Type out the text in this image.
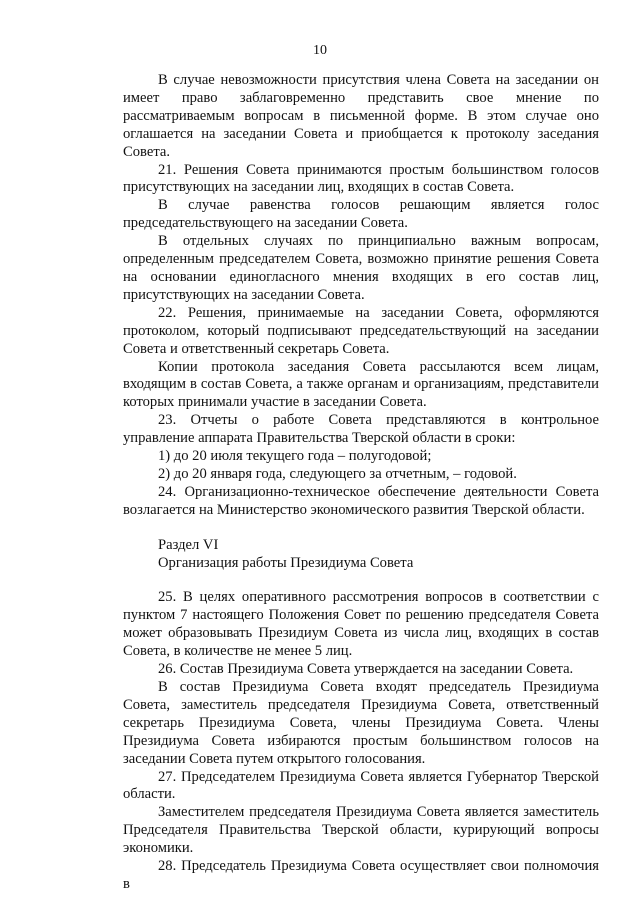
10

В случае невозможности присутствия члена Совета на заседании он имеет право заблаговременно представить свое мнение по рассматриваемым вопросам в письменной форме. В этом случае оно оглашается на заседании Совета и приобщается к протоколу заседания Совета.

21. Решения Совета принимаются простым большинством голосов присутствующих на заседании лиц, входящих в состав Совета.

В случае равенства голосов решающим является голос председательствующего на заседании Совета.

В отдельных случаях по принципиально важным вопросам, определенным председателем Совета, возможно принятие решения Совета на основании единогласного мнения входящих в его состав лиц, присутствующих на заседании Совета.

22. Решения, принимаемые на заседании Совета, оформляются протоколом, который подписывают председательствующий на заседании Совета и ответственный секретарь Совета.

Копии протокола заседания Совета рассылаются всем лицам, входящим в состав Совета, а также органам и организациям, представители которых принимали участие в заседании Совета.

23. Отчеты о работе Совета представляются в контрольное управление аппарата Правительства Тверской области в сроки:

1) до 20 июля текущего года – полугодовой;

2) до 20 января года, следующего за отчетным, – годовой.

24. Организационно-техническое обеспечение деятельности Совета возлагается на Министерство экономического развития Тверской области.

Раздел VI

Организация работы Президиума Совета

25. В целях оперативного рассмотрения вопросов в соответствии с пунктом 7 настоящего Положения Совет по решению председателя Совета может образовывать Президиум Совета из числа лиц, входящих в состав Совета, в количестве не менее 5 лиц.

26. Состав Президиума Совета утверждается на заседании Совета.

В состав Президиума Совета входят председатель Президиума Совета, заместитель председателя Президиума Совета, ответственный секретарь Президиума Совета, члены Президиума Совета. Члены Президиума Совета избираются простым большинством голосов на заседании Совета путем открытого голосования.

27. Председателем Президиума Совета является Губернатор Тверской области.

Заместителем председателя Президиума Совета является заместитель Председателя Правительства Тверской области, курирующий вопросы экономики.

28. Председатель Президиума Совета осуществляет свои полномочия в
